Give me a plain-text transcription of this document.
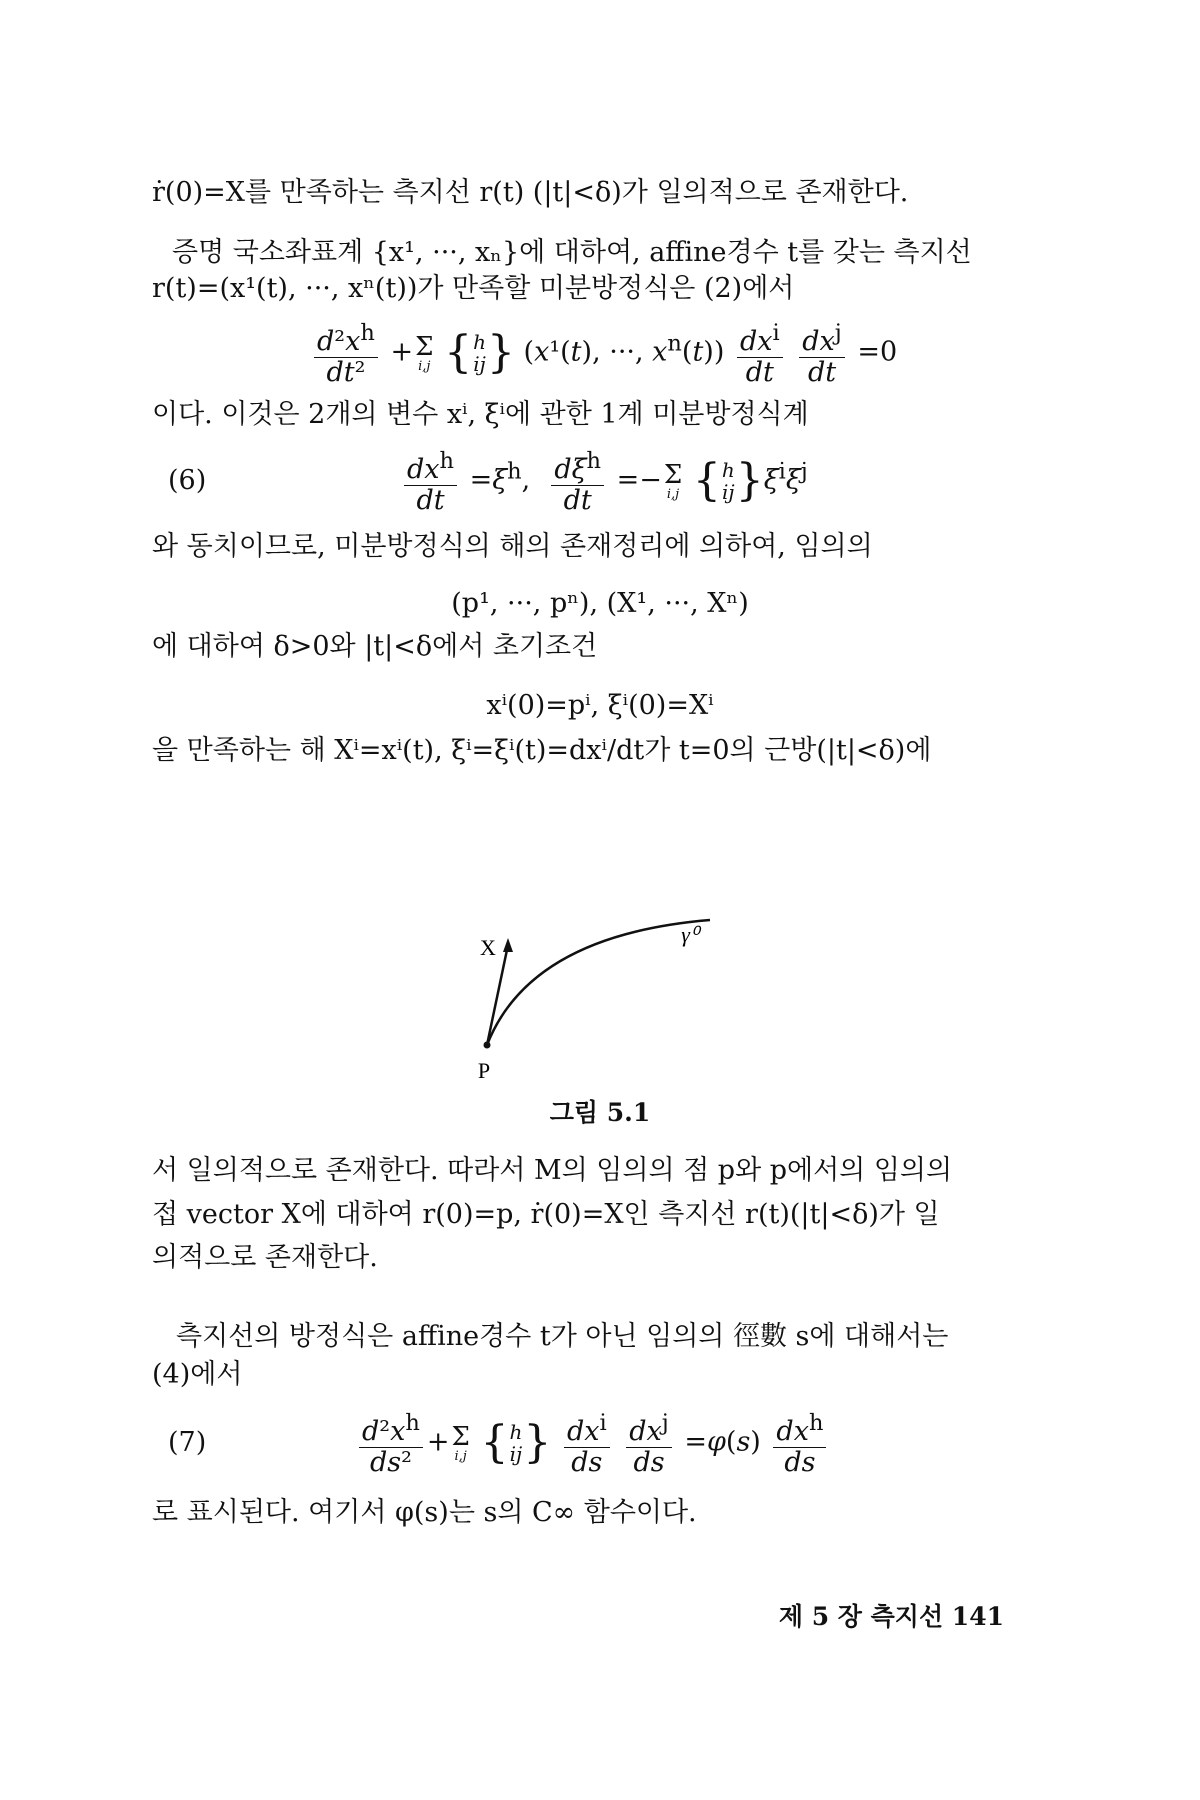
ṙ(0)=X를 만족하는 측지선 r(t) (|t|<δ)가 일의적으로 존재한다.
증명 국소좌표계 {x¹, ···, xₙ}에 대하여, affine경수 t를 갖는 측지선
r(t)=(x¹(t), ···, xⁿ(t))가 만족할 미분방정식은 (2)에서
$\frac{d^2x^h}{\text{dt²}} + \Sigma$
i,j
{ h
ij } (x¹(t), ···, $x^n(t)) \frac{dx^i}{dt}$
$\frac{dx^j}{dt} =0$
이다. 이것은 2개의 변수 xⁱ, ξⁱ에 관한 1계 미분방정식계
(6)	$\frac{dx^h}{dt} =\xi^h$, $\frac{d\xi^h}{dt} =- \Sigma$
i,j
{ h
ij } $\xi^i\xi^j$
와 동치이므로, 미분방정식의 해의 존재정리에 의하여, 임의의
(p¹, ···, pⁿ), (X¹, ···, Xⁿ)
에 대하여 δ>0와 |t|<δ에서 초기조건
xⁱ(0)=pⁱ, ξⁱ(0)=Xⁱ
을 만족하는 해 Xⁱ=xⁱ(t), ξⁱ=ξⁱ(t)=dxⁱ/dt가 t=0의 근방(|t|<δ)에
P
X
γ⁰
그림 5.1
서 일의적으로 존재한다. 따라서 M의 임의의 점 p와 p에서의 임의의
접 vector X에 대하여 r(0)=p, ṙ(0)=X인 측지선 r(t)(|t|<δ)가 일
의적으로 존재한다.
측지선의 방정식은 affine경수 t가 아닌 임의의 徑數 s에 대해서는
(4)에서
(7)	$\frac{d^2x^h}{\text{ds²}} + \Sigma$
i,j
{ h
ij }
$\frac{dx^i}{ds}$
$\frac{dx^j}{ds} =\varphi(s) \frac{dx^h}{ds}$
로 표시된다. 여기서 φ(s)는 s의 C∞ 함수이다.
제 5 장 측지선 141
